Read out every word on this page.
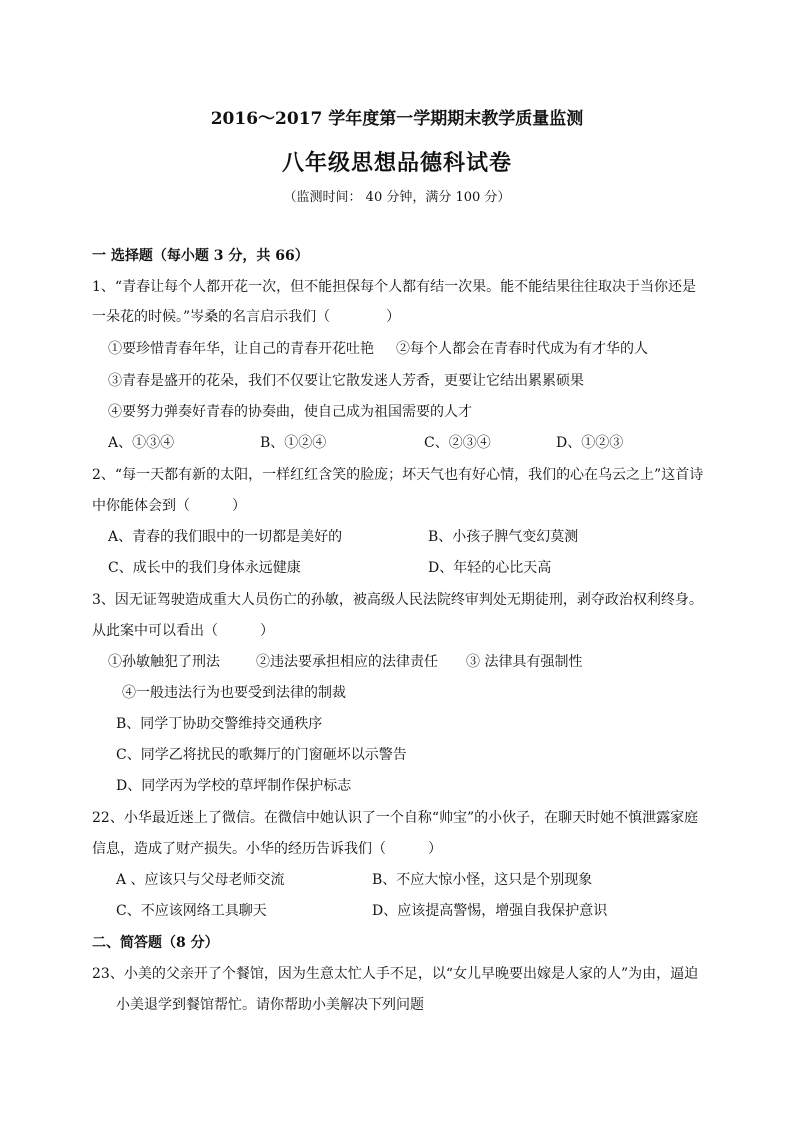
2016～2017 学年度第一学期期末教学质量监测
八年级思想品德科试卷
（监测时间： 40 分钟，满分 100 分）
一 选择题（每小题 3 分，共 66）
1、“青春让每个人都开花一次，但不能担保每个人都有结一次果。能不能结果往往取决于当你还是
一朵花的时候。”岑桑的名言启示我们（　　　　）
①要珍惜青春年华，让自己的青春开花吐艳 ②每个人都会在青春时代成为有才华的人
③青春是盛开的花朵，我们不仅要让它散发迷人芳香，更要让它结出累累硕果
④要努力弹奏好青春的协奏曲，使自己成为祖国需要的人才
A、①③④	B、①②④	C、②③④	D、①②③
2、“每一天都有新的太阳，一样红红含笑的脸庞；坏天气也有好心情，我们的心在乌云之上”这首诗
中你能体会到（　　　）
A、青春的我们眼中的一切都是美好的	B、小孩子脾气变幻莫测
C、成长中的我们身体永远健康	D、年轻的心比天高
3、因无证驾驶造成重大人员伤亡的孙敏，被高级人民法院终审判处无期徒刑，剥夺政治权利终身。
从此案中可以看出（　　　）
①孙敏触犯了刑法	②违法要承担相应的法律责任 ③ 法律具有强制性
④一般违法行为也要受到法律的制裁
B、同学丁协助交警维持交通秩序
C、同学乙将扰民的歌舞厅的门窗砸坏以示警告
D、同学丙为学校的草坪制作保护标志
22、小华最近迷上了微信。在微信中她认识了一个自称“帅宝”的小伙子，在聊天时她不慎泄露家庭
信息，造成了财产损失。小华的经历告诉我们（　　　）
A 、应该只与父母老师交流	B、不应大惊小怪，这只是个别现象
C、不应该网络工具聊天	D、应该提高警惕，增强自我保护意识
二、简答题（8 分）
23、小美的父亲开了个餐馆，因为生意太忙人手不足，以“女儿早晚要出嫁是人家的人”为由，逼迫
小美退学到餐馆帮忙。请你帮助小美解决下列问题
